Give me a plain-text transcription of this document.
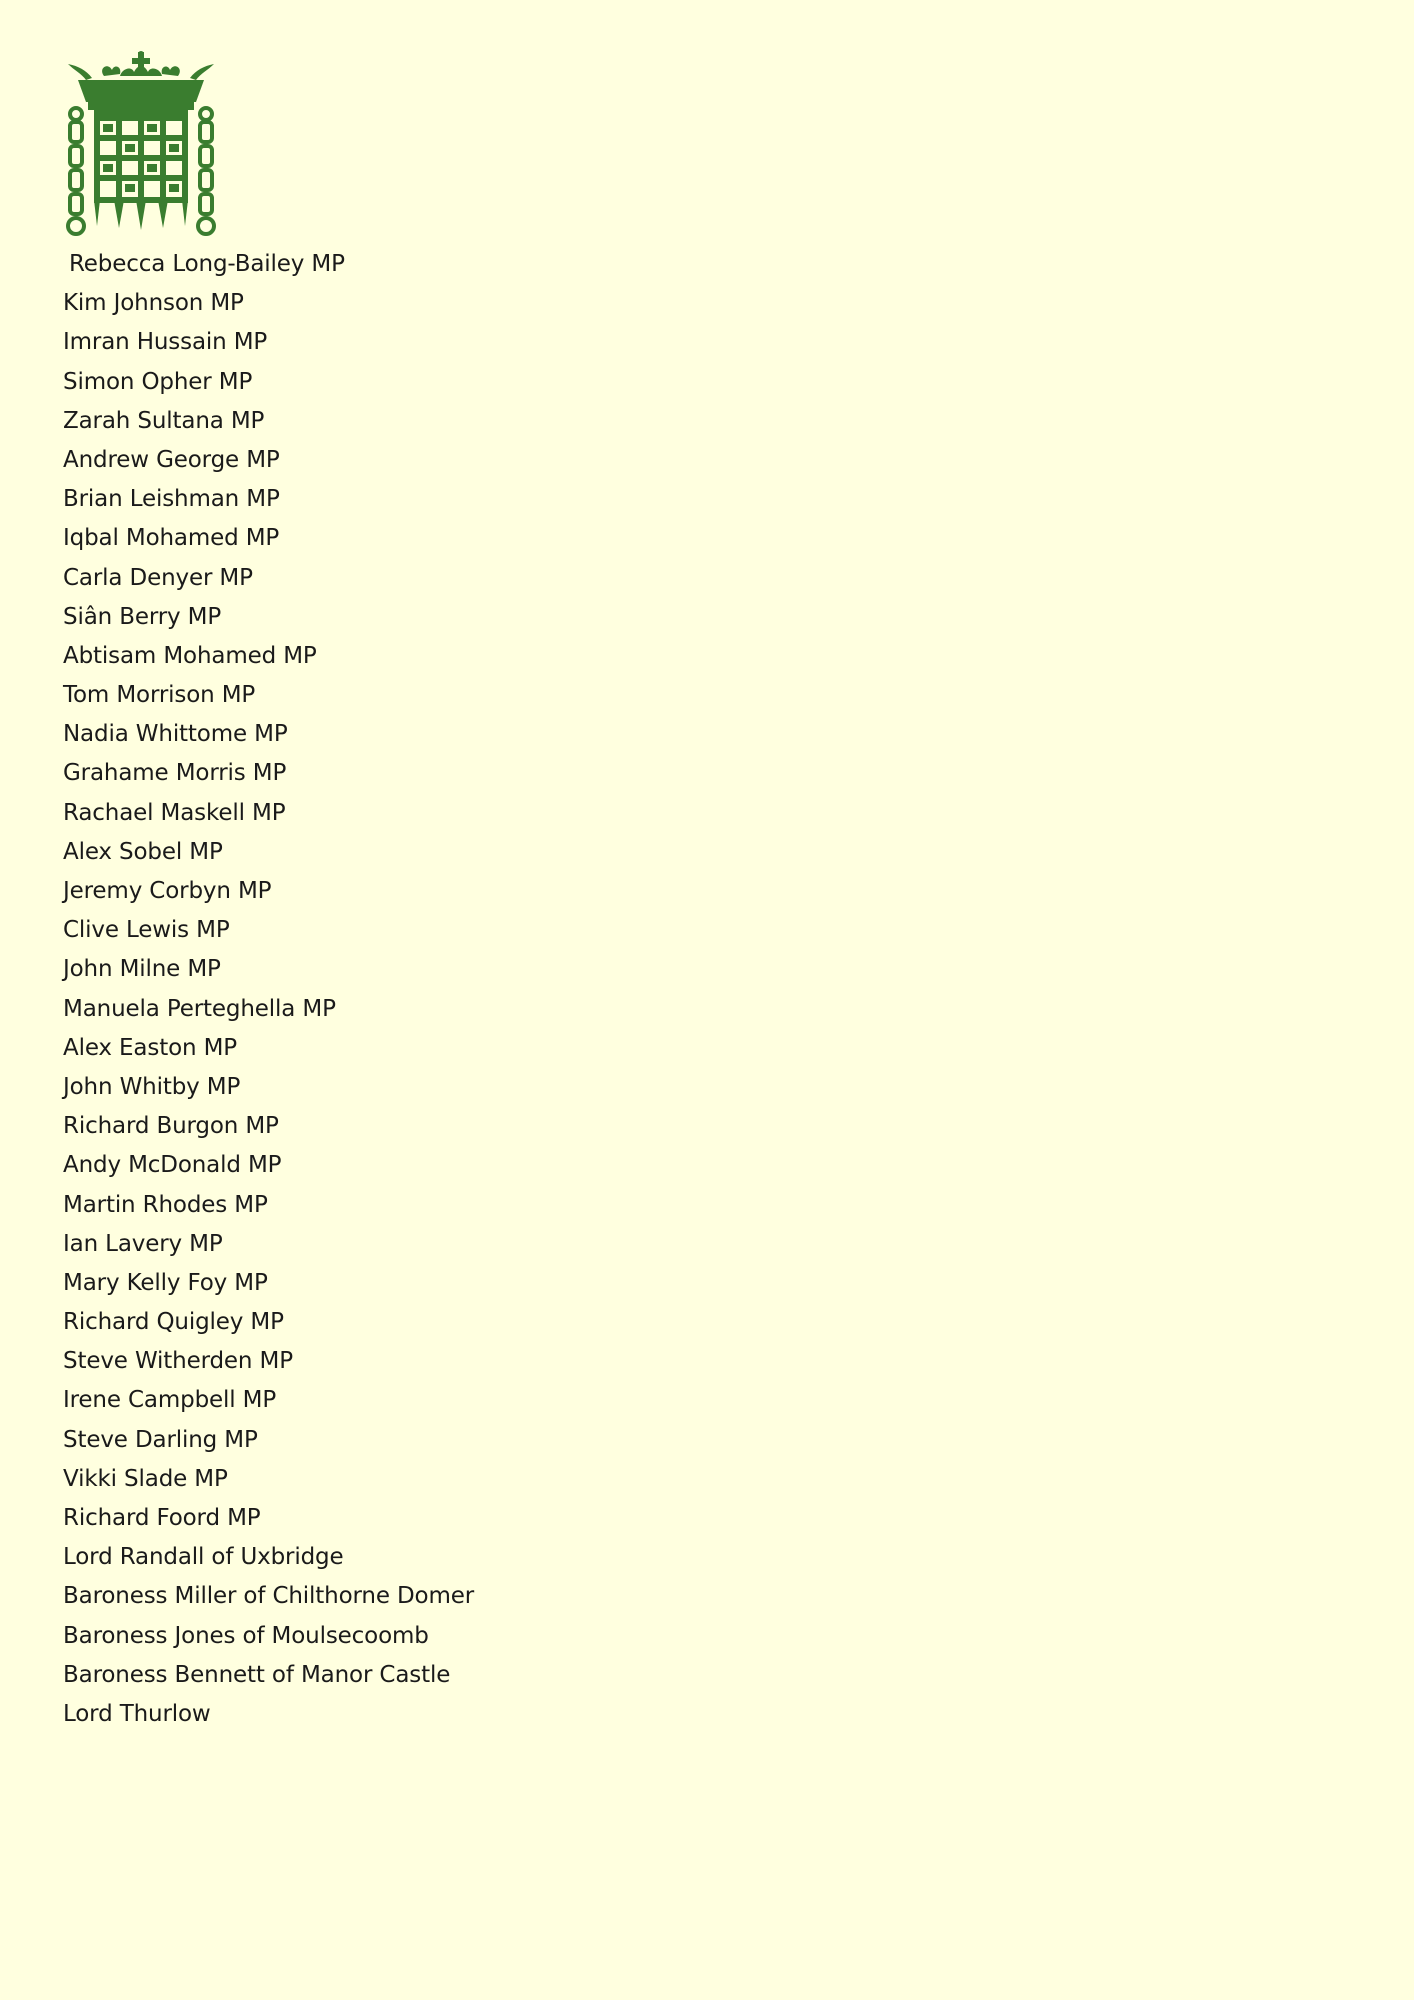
Rebecca Long-Bailey MP
Kim Johnson MP
Imran Hussain MP
Simon Opher MP
Zarah Sultana MP
Andrew George MP
Brian Leishman MP
Iqbal Mohamed MP
Carla Denyer MP
Siân Berry MP
Abtisam Mohamed MP
Tom Morrison MP
Nadia Whittome MP
Grahame Morris MP
Rachael Maskell MP
Alex Sobel MP
Jeremy Corbyn MP
Clive Lewis MP
John Milne MP
Manuela Perteghella MP
Alex Easton MP
John Whitby MP
Richard Burgon MP
Andy McDonald MP
Martin Rhodes MP
Ian Lavery MP
Mary Kelly Foy MP
Richard Quigley MP
Steve Witherden MP
Irene Campbell MP
Steve Darling MP
Vikki Slade MP
Richard Foord MP
Lord Randall of Uxbridge
Baroness Miller of Chilthorne Domer
Baroness Jones of Moulsecoomb
Baroness Bennett of Manor Castle
Lord Thurlow
